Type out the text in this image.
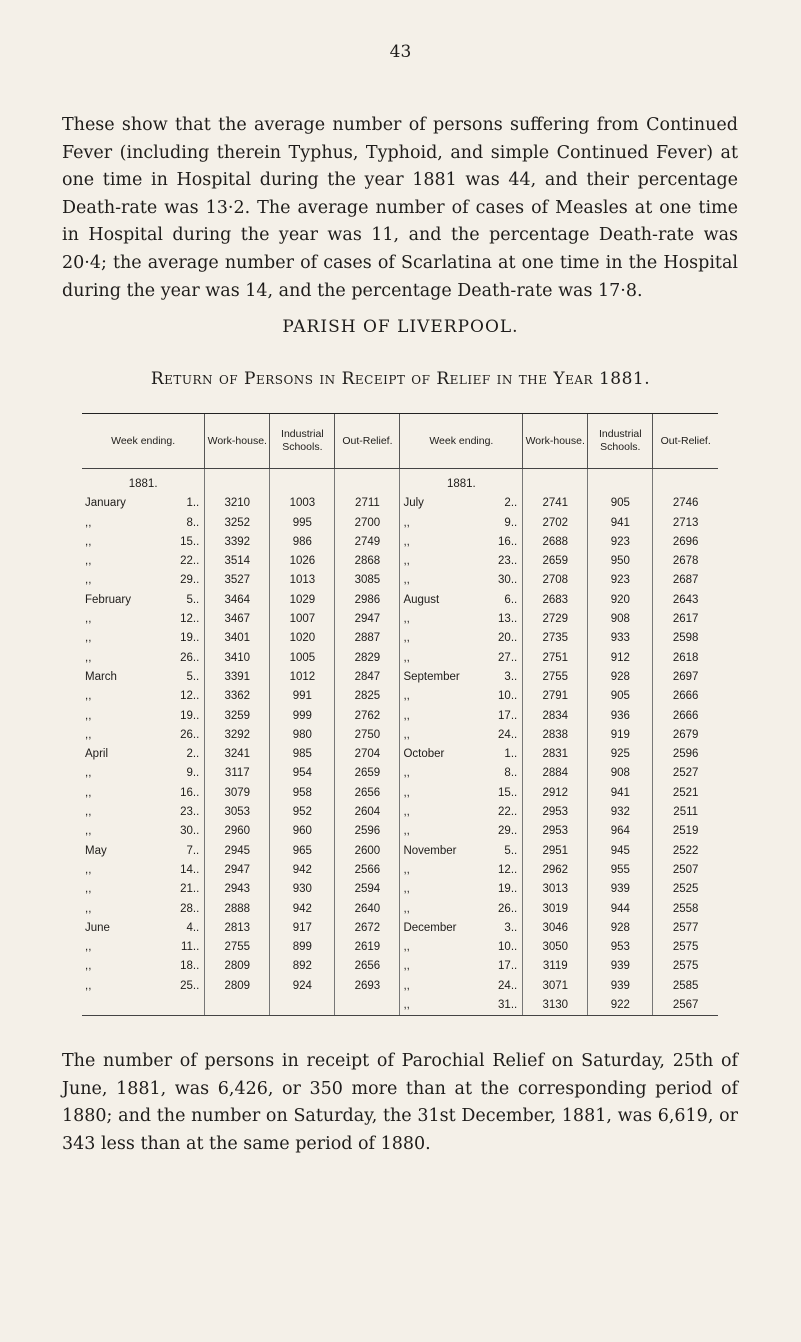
43

These show that the average number of persons suffering from Continued Fever (including therein Typhus, Typhoid, and simple Continued Fever) at one time in Hospital during the year 1881 was 44, and their percentage Death-rate was 13·2. The average number of cases of Measles at one time in Hospital during the year was 11, and the percentage Death-rate was 20·4; the average number of cases of Scarlatina at one time in the Hospital during the year was 14, and the percentage Death-rate was 17·8.

PARISH OF LIVERPOOL.
Return of Persons in Receipt of Relief in the Year 1881.
Week ending.	Work-house.	Industrial Schools.	Out-Relief.	Week ending.	Work-house.	Industrial Schools.	Out-Relief.

1881.				1881.			

January 1..	3210	1003	2711	July 2..	2741	905	2746

,, 8..	3252	995	2700	,, 9..	2702	941	2713

,, 15..	3392	986	2749	,, 16..	2688	923	2696

,, 22..	3514	1026	2868	,, 23..	2659	950	2678

,, 29..	3527	1013	3085	,, 30..	2708	923	2687

February 5..	3464	1029	2986	August 6..	2683	920	2643

,, 12..	3467	1007	2947	,, 13..	2729	908	2617

,, 19..	3401	1020	2887	,, 20..	2735	933	2598

,, 26..	3410	1005	2829	,, 27..	2751	912	2618

March 5..	3391	1012	2847	September 3..	2755	928	2697

,, 12..	3362	991	2825	,, 10..	2791	905	2666

,, 19..	3259	999	2762	,, 17..	2834	936	2666

,, 26..	3292	980	2750	,, 24..	2838	919	2679

April 2..	3241	985	2704	October 1..	2831	925	2596

,, 9..	3117	954	2659	,, 8..	2884	908	2527

,, 16..	3079	958	2656	,, 15..	2912	941	2521

,, 23..	3053	952	2604	,, 22..	2953	932	2511

,, 30..	2960	960	2596	,, 29..	2953	964	2519

May 7..	2945	965	2600	November 5..	2951	945	2522

,, 14..	2947	942	2566	,, 12..	2962	955	2507

,, 21..	2943	930	2594	,, 19..	3013	939	2525

,, 28..	2888	942	2640	,, 26..	3019	944	2558

June 4..	2813	917	2672	December 3..	3046	928	2577

,, 11..	2755	899	2619	,, 10..	3050	953	2575

,, 18..	2809	892	2656	,, 17..	3119	939	2575

,, 25..	2809	924	2693	,, 24..	3071	939	2585

				,, 31..	3130	922	2567

The number of persons in receipt of Parochial Relief on Saturday, 25th of June, 1881, was 6,426, or 350 more than at the corresponding period of 1880; and the number on Saturday, the 31st December, 1881, was 6,619, or 343 less than at the same period of 1880.
